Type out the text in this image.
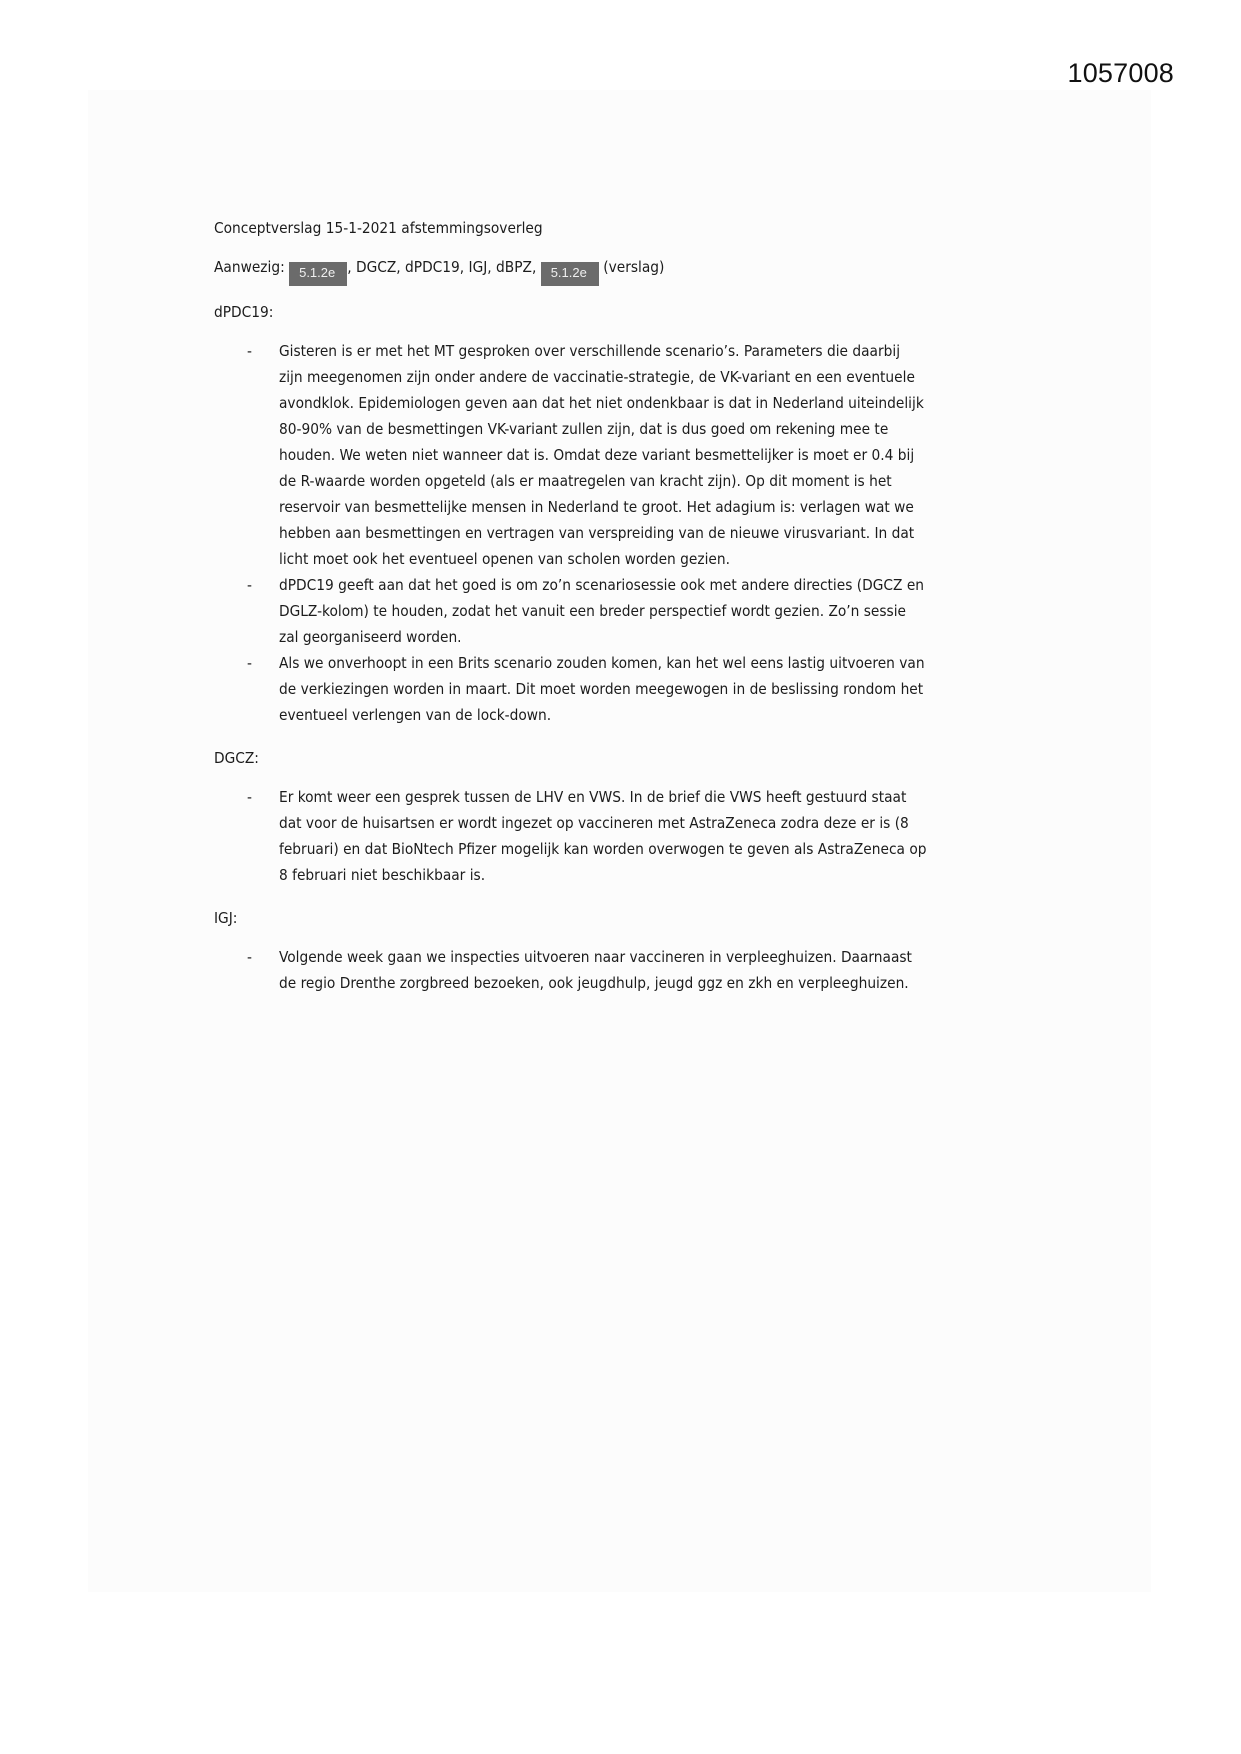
1057008

Conceptverslag 15-1-2021 afstemmingsoverleg

Aanwezig: 5.1.2e , DGCZ, dPDC19, IGJ, dBPZ, 5.1.2e (verslag)

dPDC19:

- Gisteren is er met het MT gesproken over verschillende scenario’s. Parameters die daarbij
zijn meegenomen zijn onder andere de vaccinatie-strategie, de VK-variant en een eventuele
avondklok. Epidemiologen geven aan dat het niet ondenkbaar is dat in Nederland uiteindelijk
80-90% van de besmettingen VK-variant zullen zijn, dat is dus goed om rekening mee te
houden. We weten niet wanneer dat is. Omdat deze variant besmettelijker is moet er 0.4 bij
de R-waarde worden opgeteld (als er maatregelen van kracht zijn). Op dit moment is het
reservoir van besmettelijke mensen in Nederland te groot. Het adagium is: verlagen wat we
hebben aan besmettingen en vertragen van verspreiding van de nieuwe virusvariant. In dat
licht moet ook het eventueel openen van scholen worden gezien.
- dPDC19 geeft aan dat het goed is om zo’n scenariosessie ook met andere directies (DGCZ en
DGLZ-kolom) te houden, zodat het vanuit een breder perspectief wordt gezien. Zo’n sessie
zal georganiseerd worden.
- Als we onverhoopt in een Brits scenario zouden komen, kan het wel eens lastig uitvoeren van
de verkiezingen worden in maart. Dit moet worden meegewogen in de beslissing rondom het
eventueel verlengen van de lock-down.

DGCZ:

- Er komt weer een gesprek tussen de LHV en VWS. In de brief die VWS heeft gestuurd staat
dat voor de huisartsen er wordt ingezet op vaccineren met AstraZeneca zodra deze er is (8
februari) en dat BioNtech Pfizer mogelijk kan worden overwogen te geven als AstraZeneca op
8 februari niet beschikbaar is.

IGJ:

- Volgende week gaan we inspecties uitvoeren naar vaccineren in verpleeghuizen. Daarnaast
de regio Drenthe zorgbreed bezoeken, ook jeugdhulp, jeugd ggz en zkh en verpleeghuizen.
